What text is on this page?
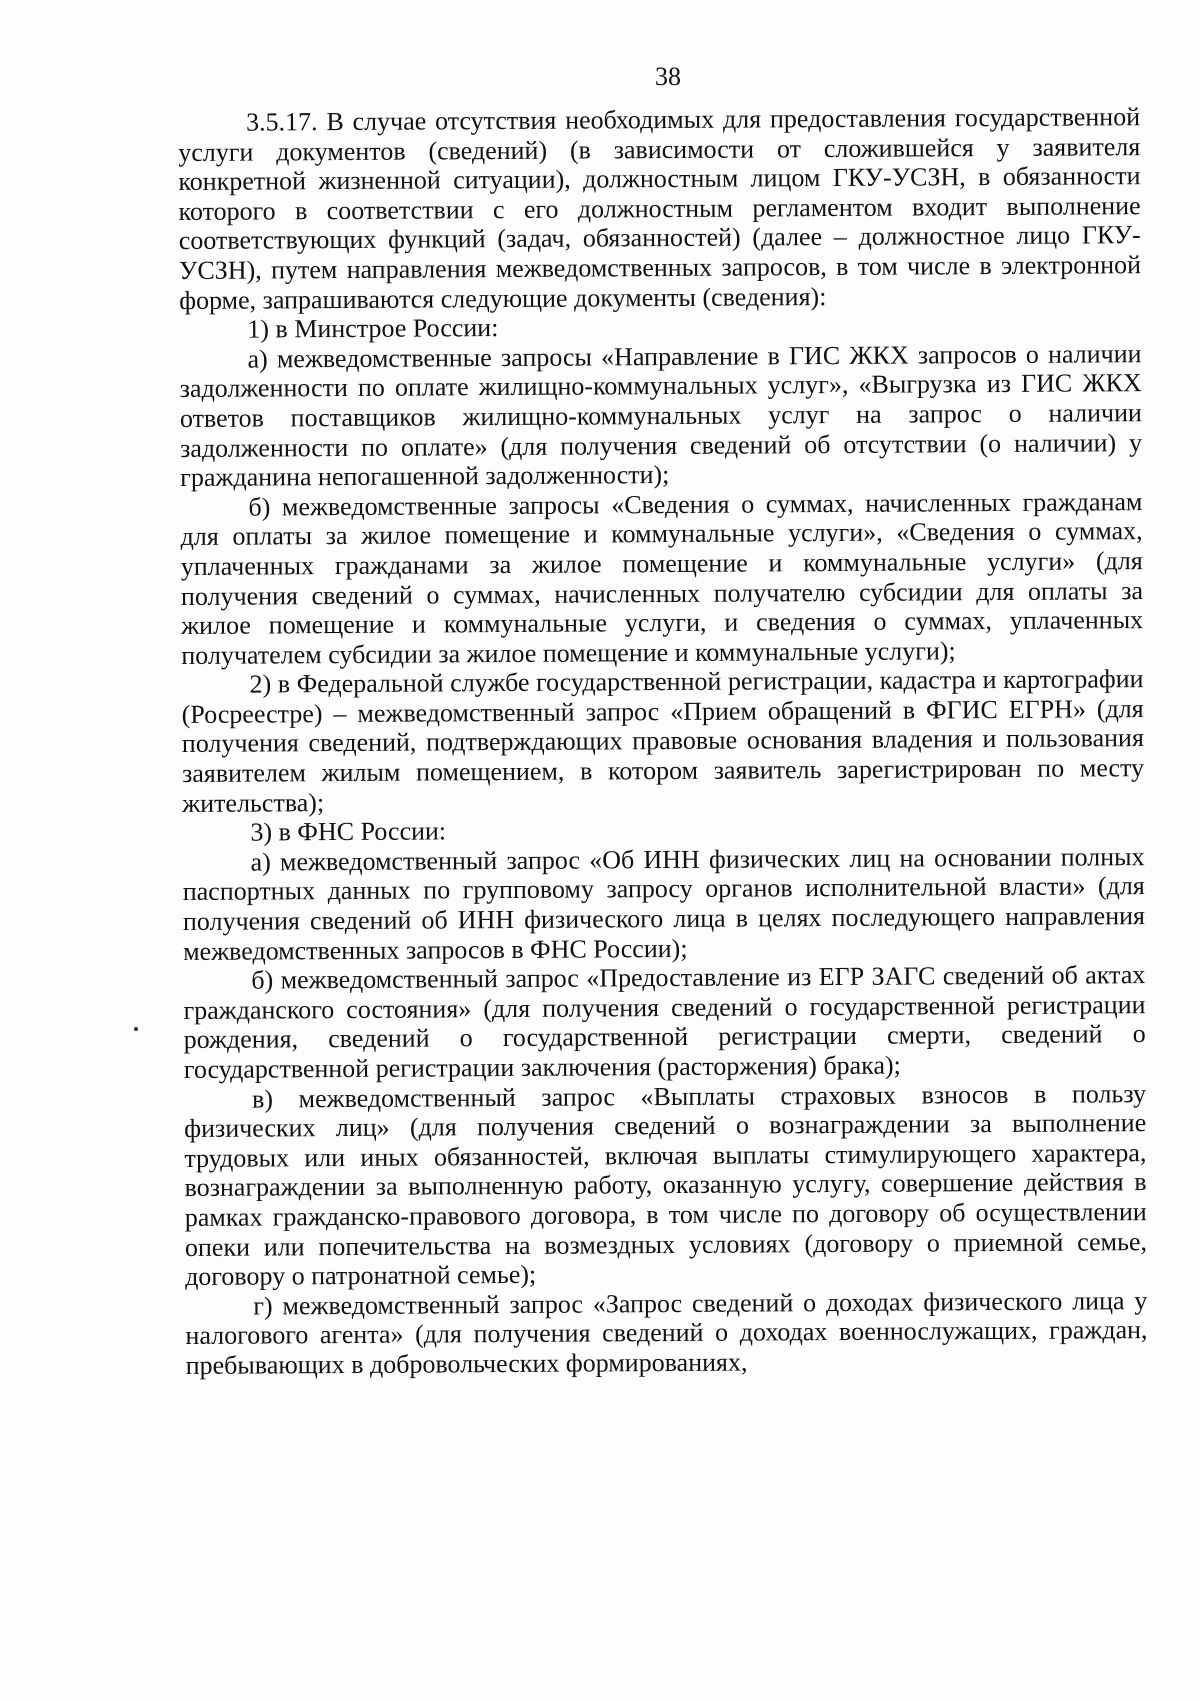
38

3.5.17. В случае отсутствия необходимых для предоставления государственной услуги документов (сведений) (в зависимости от сложившейся у заявителя конкретной жизненной ситуации), должностным лицом ГКУ-УСЗН, в обязанности которого в соответствии с его должностным регламентом входит выполнение соответствующих функций (задач, обязанностей) (далее – должностное лицо ГКУ-УСЗН), путем направления межведомственных запросов, в том числе в электронной форме, запрашиваются следующие документы (сведения):

1) в Минстрое России:

а) межведомственные запросы «Направление в ГИС ЖКХ запросов о наличии задолженности по оплате жилищно-коммунальных услуг», «Выгрузка из ГИС ЖКХ ответов поставщиков жилищно-коммунальных услуг на запрос о наличии задолженности по оплате» (для получения сведений об отсутствии (о наличии) у гражданина непогашенной задолженности);

б) межведомственные запросы «Сведения о суммах, начисленных гражданам для оплаты за жилое помещение и коммунальные услуги», «Сведения о суммах, уплаченных гражданами за жилое помещение и коммунальные услуги» (для получения сведений о суммах, начисленных получателю субсидии для оплаты за жилое помещение и коммунальные услуги, и сведения о суммах, уплаченных получателем субсидии за жилое помещение и коммунальные услуги);

2) в Федеральной службе государственной регистрации, кадастра и картографии (Росреестре) – межведомственный запрос «Прием обращений в ФГИС ЕГРН» (для получения сведений, подтверждающих правовые основания владения и пользования заявителем жилым помещением, в котором заявитель зарегистрирован по месту жительства);

3) в ФНС России:

а) межведомственный запрос «Об ИНН физических лиц на основании полных паспортных данных по групповому запросу органов исполнительной власти» (для получения сведений об ИНН физического лица в целях последующего направления межведомственных запросов в ФНС России);

б) межведомственный запрос «Предоставление из ЕГР ЗАГС сведений об актах гражданского состояния» (для получения сведений о государственной регистрации рождения, сведений о государственной регистрации смерти, сведений о государственной регистрации заключения (расторжения) брака);

в) межведомственный запрос «Выплаты страховых взносов в пользу физических лиц» (для получения сведений о вознаграждении за выполнение трудовых или иных обязанностей, включая выплаты стимулирующего характера, вознаграждении за выполненную работу, оказанную услугу, совершение действия в рамках гражданско-правового договора, в том числе по договору об осуществлении опеки или попечительства на возмездных условиях (договору о приемной семье, договору о патронатной семье);

г) межведомственный запрос «Запрос сведений о доходах физического лица у налогового агента» (для получения сведений о доходах военнослужащих, граждан, пребывающих в добровольческих формированиях,
